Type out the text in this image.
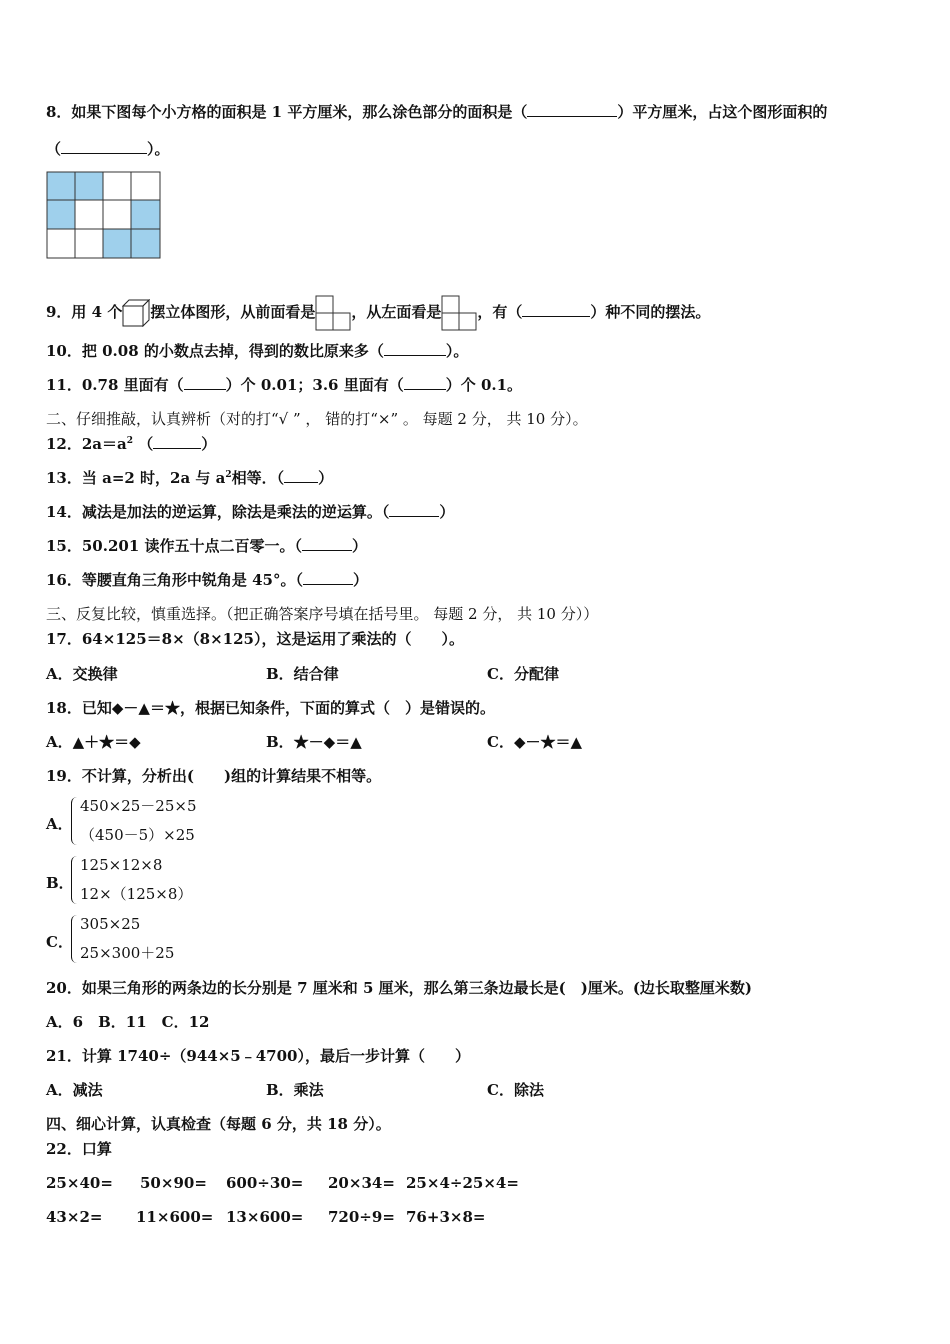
8．如果下图每个小方格的面积是 1 平方厘米，那么涂色部分的面积是（	）平方厘米，占这个图形面积的
（	）。
9．用 4 个 摆立体图形，从前面看是 ，从左面看是 ，有（	）种不同的摆法。
10．把 0.08 的小数点去掉，得到的数比原来多（	）。
11．0.78 里面有（	）个 0.01；3.6 里面有（	）个 0.1。
二、仔细推敲，认真辨析（对的打“√ ” ， 错的打“×” 。 每题 2 分， 共 10 分）。
12．$2a=a^2$ （	）
13．当 a=2 时，2a 与 $a^2$相等．（ ）
14．减法是加法的逆运算，除法是乘法的逆运算。（	）
15．50.201 读作五十点二百零一。（	）
16．等腰直角三角形中锐角是 45°。（	）
三、反复比较，慎重选择。（把正确答案序号填在括号里。 每题 2 分， 共 10 分））
17．64×125＝8×（8×125），这是运用了乘法的（　　）。
A．交换律	B．结合律	C．分配律
18．已知◆－▲＝★，根据已知条件，下面的算式（　）是错误的。
A．▲＋★＝◆	B．★－◆＝▲	C．◆－★＝▲
19．不计算，分析出(　　)组的计算结果不相等。
A．
450×25－25×5
（450－5）×25
B．
125×12×8
12×（125×8）
C．
305×25
25×300＋25
20．如果三角形的两条边的长分别是 7 厘米和 5 厘米，那么第三条边最长是(　)厘米。(边长取整厘米数)
A．6　B．11　C．12
21．计算 1740÷（944×5﹣4700），最后一步计算（　　）
A．减法	B．乘法	C．除法
四、细心计算，认真检查（每题 6 分，共 18 分）。
22．口算
25×40= 50×90= 600÷30= 20×34= 25×4÷25×4=
43×2= 11×600= 13×600= 720÷9= 76+3×8=
